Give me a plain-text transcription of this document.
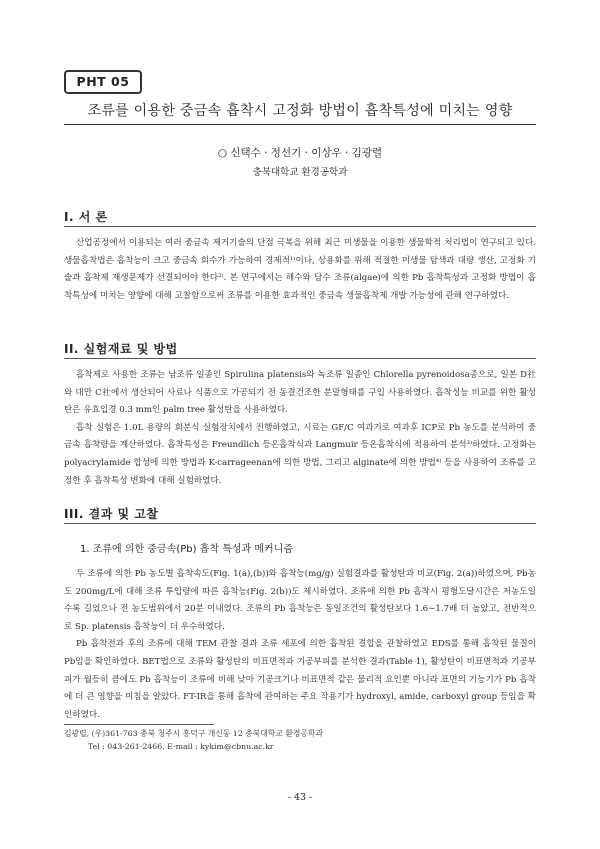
PHT 05
조류를 이용한 중금속 흡착시 고정화 방법이 흡착특성에 미치는 영향
○ 신택수 · 정선기 · 이상우 · 김광렬
충북대학교 환경공학과
I. 서 론

산업공정에서 이용되는 여러 중금속 제거기술의 단점 극복을 위해 최근 미생물을 이용한 생물학적 처리법이 연구되고 있다. 생물흡착법은 흡착능이 크고 중금속 회수가 가능하여 경제적¹⁾이나, 상용화를 위해 적절한 미생물 탐색과 대량 생산, 고정화 기술과 흡착제 재생문제가 선결되어야 한다²⁾. 본 연구에서는 해수와 담수 조류(algae)에 의한 Pb 흡착특성과 고정화 방법이 흡착특성에 미치는 영향에 대해 고찰함으로써 조류를 이용한 효과적인 중금속 생물흡착제 개발 가능성에 관해 연구하였다.

II. 실험재료 및 방법

흡착제로 사용한 조류는 남조류 일종인 Spirulina platensis와 녹조류 일종인 Chlorella pyrenoidosa종으로, 일본 D社와 대만 C社에서 생산되어 사료나 식품으로 가공되기 전 동결건조한 분말형태를 구입 사용하였다. 흡착성능 비교를 위한 활성탄은 유효입경 0.3 mm인 palm tree 활성탄을 사용하였다.

흡착 실험은 1.0L 용량의 회분식 실험장치에서 진행하였고, 시료는 GF/C 여과기로 여과후 ICP로 Pb 농도를 분석하여 중금속 흡착량을 계산하였다. 흡착특성은 Freundlich 등온흡착식과 Langmuir 등온흡착식에 적용하여 분석³⁾하였다. 고정화는 polyacrylamide 합성에 의한 방법과 K-carrageenan에 의한 방법, 그리고 alginate에 의한 방법⁴⁾ 등을 사용하여 조류를 고정한 후 흡착특성 변화에 대해 실험하였다.

III. 결과 및 고찰
1. 조류에 의한 중금속(Pb) 흡착 특성과 메커니즘

두 조류에 의한 Pb 농도별 흡착속도(Fig. 1(a),(b))와 흡착능(mg/g) 실험결과를 활성탄과 비교(Fig. 2(a))하였으며, Pb농도 200mg/L에 대해 조류 투입량에 따른 흡착능(Fig. 2(b))도 제시하였다. 조류에 의한 Pb 흡착시 평형도달시간은 저농도일수록 길었으나 전 농도범위에서 20분 이내였다. 조류의 Pb 흡착능은 동일조건의 활성탄보다 1.6∼1.7배 더 높았고, 전반적으로 Sp. platensis 흡착능이 더 우수하였다.

Pb 흡착전과 후의 조류에 대해 TEM 관찰 결과 조류 세포에 의한 흡착된 결합을 관찰하였고 EDS를 통해 흡착된 물질이 Pb임을 확인하였다. BET법으로 조류와 활성탄의 비표면적과 기공부피를 분석한 결과(Table 1), 활성탄이 비표면적과 기공부피가 월등히 큼에도 Pb 흡착능이 조류에 비해 낮아 기공크기나 비표면적 같은 물리적 요인뿐 아니라 표면의 기능기가 Pb 흡착에 더 큰 영향을 미침을 알았다. FT-IR을 통해 흡착에 관여하는 주요 작용기가 hydroxyl, amide, carboxyl group 등임을 확인하였다.

김광렬, (우)361-763 충북 청주시 흥덕구 개신동 12 충북대학교 환경공학과
Tel : 043-261-2466, E-mail : kykim@cbnu.ac.kr
- 43 -
